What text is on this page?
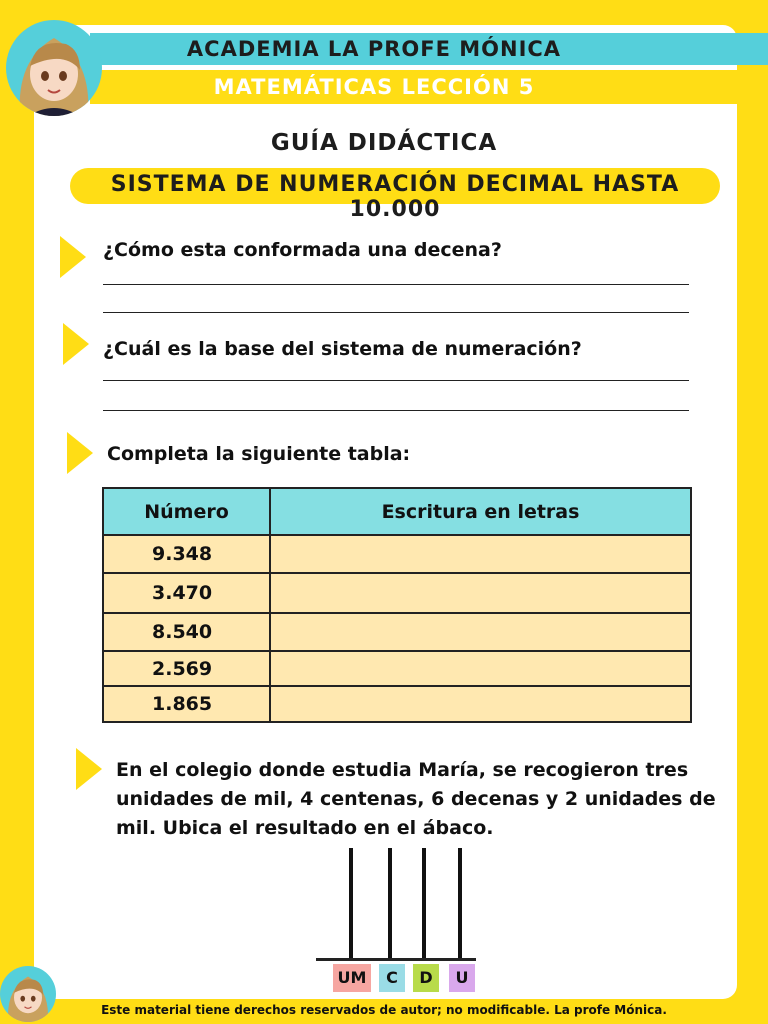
ACADEMIA LA PROFE MÓNICA
MATEMÁTICAS LECCIÓN 5
GUÍA DIDÁCTICA
SISTEMA DE NUMERACIÓN DECIMAL HASTA 10.000
¿Cómo esta conformada una decena?
¿Cuál es la base del sistema de numeración?
Completa la siguiente tabla:
Número	Escritura en letras
9.348	
3.470	
8.540	
2.569	
1.865	
En el colegio donde estudia María, se recogieron tres unidades de mil, 4 centenas, 6 decenas y 2 unidades de mil. Ubica el resultado en el ábaco.
UM	C	D	U
Este material tiene derechos reservados de autor; no modificable. La profe Mónica.
